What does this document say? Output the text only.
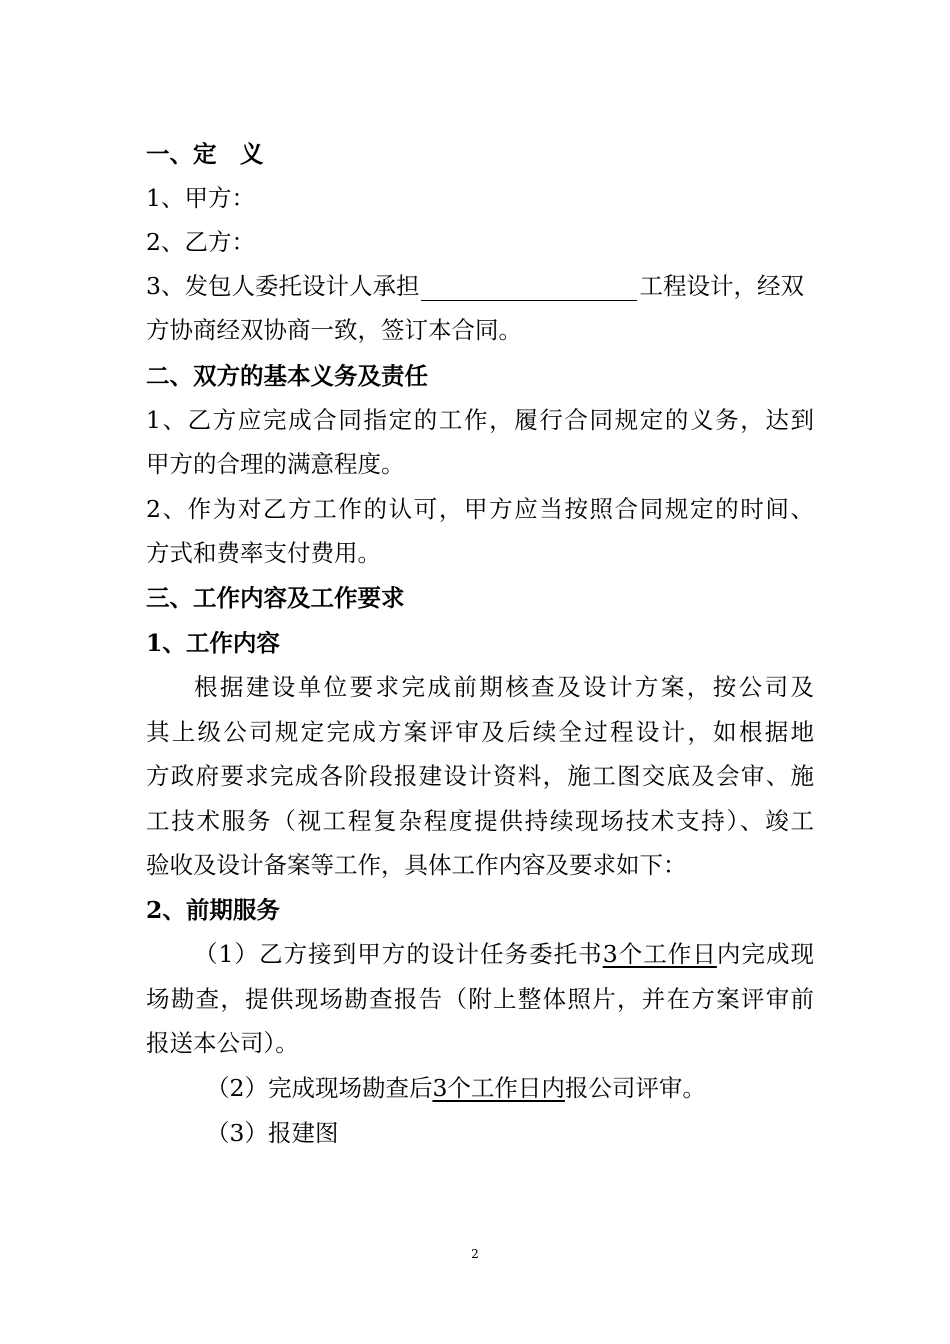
一、定　义
1、甲方：
2、乙方：
3、发包人委托设计人承担	工程设计，经双
方协商经双协商一致，签订本合同。
二、双方的基本义务及责任
1、乙方应完成合同指定的工作，履行合同规定的义务，达到
甲方的合理的满意程度。
2、作为对乙方工作的认可，甲方应当按照合同规定的时间、
方式和费率支付费用。
三、工作内容及工作要求
1、工作内容
根据建设单位要求完成前期核查及设计方案，按公司及
其上级公司规定完成方案评审及后续全过程设计，如根据地
方政府要求完成各阶段报建设计资料，施工图交底及会审、施
工技术服务（视工程复杂程度提供持续现场技术支持）、竣工
验收及设计备案等工作，具体工作内容及要求如下：
2、前期服务
（1）乙方接到甲方的设计任务委托书3个工作日内完成现
场勘查，提供现场勘查报告（附上整体照片，并在方案评审前
报送本公司）。
（2）完成现场勘查后3个工作日内报公司评审。
（3）报建图
2
